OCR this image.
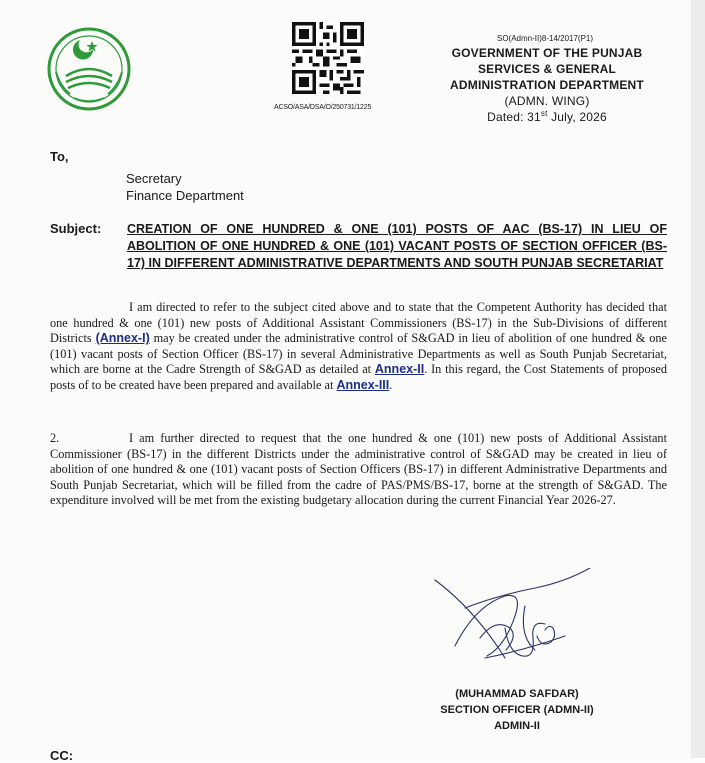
ACSO/ASA/DSA/O/250731/1225
SO(Admn-II)8-14/2017(P1)
GOVERNMENT OF THE PUNJAB
SERVICES & GENERAL
ADMINISTRATION DEPARTMENT
(ADMN. WING)
Dated: 31st July, 2026
To,
Secretary
Finance Department
Subject: CREATION OF ONE HUNDRED & ONE (101) POSTS OF AAC (BS-17) IN LIEU OF ABOLITION OF ONE HUNDRED & ONE (101) VACANT POSTS OF SECTION OFFICER (BS-17) IN DIFFERENT ADMINISTRATIVE DEPARTMENTS AND SOUTH PUNJAB SECRETARIAT
I am directed to refer to the subject cited above and to state that the Competent Authority has decided that one hundred & one (101) new posts of Additional Assistant Commissioners (BS-17) in the Sub-Divisions of different Districts (Annex-I) may be created under the administrative control of S&GAD in lieu of abolition of one hundred & one (101) vacant posts of Section Officer (BS-17) in several Administrative Departments as well as South Punjab Secretariat, which are borne at the Cadre Strength of S&GAD as detailed at Annex-II. In this regard, the Cost Statements of proposed posts of to be created have been prepared and available at Annex-III.
2.	I am further directed to request that the one hundred & one (101) new posts of Additional Assistant Commissioner (BS-17) in the different Districts under the administrative control of S&GAD may be created in lieu of abolition of one hundred & one (101) vacant posts of Section Officers (BS-17) in different Administrative Departments and South Punjab Secretariat, which will be filled from the cadre of PAS/PMS/BS-17, borne at the strength of S&GAD. The expenditure involved will be met from the existing budgetary allocation during the current Financial Year 2026-27.
(MUHAMMAD SAFDAR)
SECTION OFFICER (ADMN-II)
ADMIN-II
CC:
